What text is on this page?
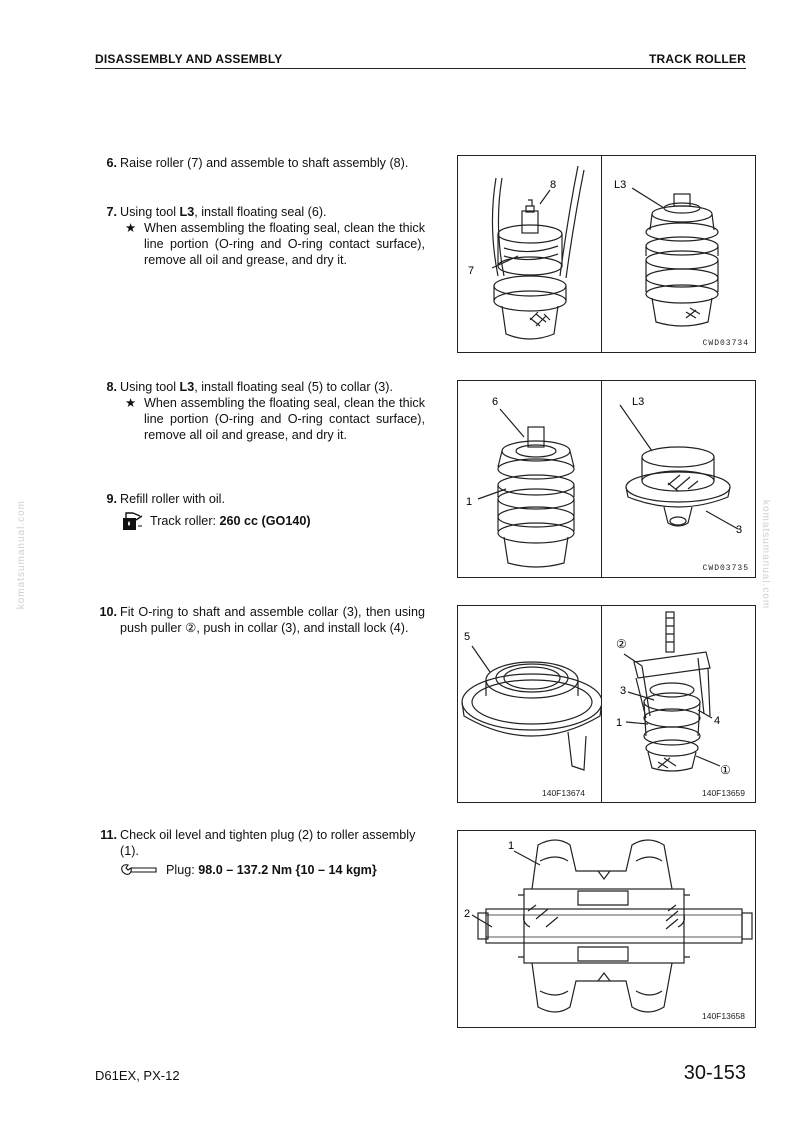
DISASSEMBLY AND ASSEMBLY	TRACK ROLLER
komatsumanual.com	komatsumanual.com
6. Raise roller (7) and assemble to shaft assembly (8).
7. Using tool L3, install floating seal (6).
★ When assembling the floating seal, clean the thick line portion (O-ring and O-ring contact surface), remove all oil and grease, and dry it.
8. Using tool L3, install floating seal (5) to collar (3).
★ When assembling the floating seal, clean the thick line portion (O-ring and O-ring contact surface), remove all oil and grease, and dry it.
9. Refill roller with oil.
Track roller:
260 cc (GO140)
10. Fit O-ring to shaft and assemble collar (3), then using push puller ②, push in collar (3), and install lock (4).
11. Check oil level and tighten plug (2) to roller assembly (1).
Plug:
98.0 – 137.2 Nm {10 – 14 kgm}
8
7
L3
CWD03734
6
1
L3
3
CWD03735
5	②
3
1	4
①
140F13674	140F13659
1
2
140F13658
D61EX, PX-12	30-153
